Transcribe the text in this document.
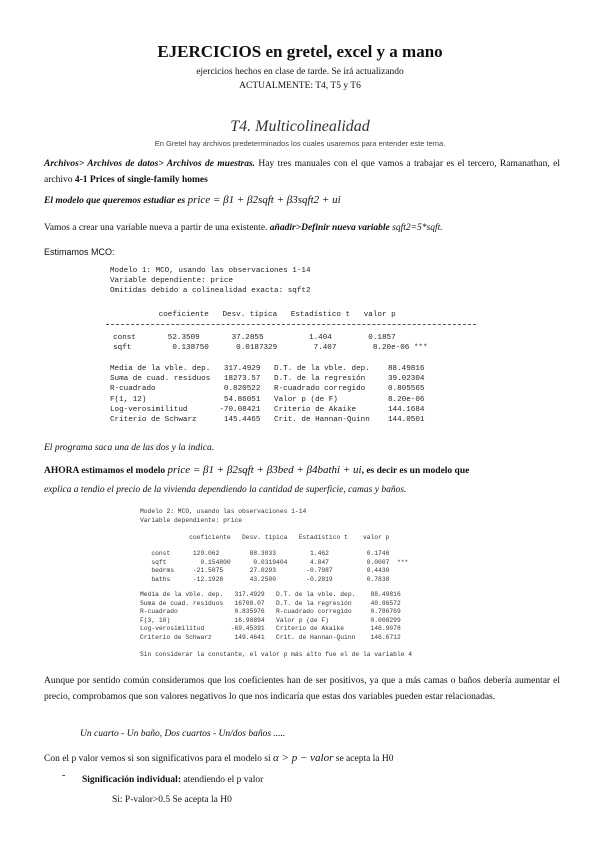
EJERCICIOS en gretel, excel y a mano
ejercicios hechos en clase de tarde. Se irá actualizando
ACTUALMENTE: T4, T5 y T6
T4. Multicolinealidad
En Gretel hay archivos predeterminados los cuales usaremos para entender este tema.
Archivos> Archivos de datos> Archivos de muestras. Hay tres manuales con el que vamos a trabajar es el tercero, Ramanathan, el archivo 4-1 Prices of single-family homes
El modelo que queremos estudiar es price = β1 + β2sqft + β3sqft2 + ui
Vamos a crear una variable nueva a partir de una existente. añadir>Definir nueva variable sqft2=5*sqft.
Estimamos MCO:
Modelo 1: MCO, usando las observaciones 1-14
Variable dependiente: price
Omitidas debido a colinealidad exacta: sqft2
coeficiente   Desv. típica   Estadístico t   valor p
const       52.3509       37.2855          1.404        0.1857
sqft         0.138750      0.0187329        7.407        8.20e-06 ***
Media de la vble. dep.   317.4929   D.T. de la vble. dep.    88.49816
Suma de cuad. residuos   18273.57   D.T. de la regresión     39.02304
R-cuadrado               0.820522   R-cuadrado corregido     0.805565
F(1, 12)                 54.86051   Valor p (de F)           8.20e-06
Log-verosimilitud       -70.08421   Criterio de Akaike       144.1684
Criterio de Schwarz      145.4465   Crit. de Hannan-Quinn    144.0501
El programa saca una de las dos y la indica.
AHORA estimamos el modelo price = β1 + β2sqft + β3bed + β4bathi + ui, es decir es un modelo que
explica a tendio el precio de la vivienda dependiendo la cantidad de superficie, camas y baños.
Modelo 2: MCO, usando las observaciones 1-14
Variable dependiente: price
coeficiente   Desv. típica   Estadístico t    valor p
const      129.062        88.3033         1.462          0.1746
sqft         0.154800      0.0319404      4.847          0.0007  ***
bedrms     -21.5875       27.0293        -0.7987         0.4430
baths      -12.1928       43.2500        -0.2819         0.7838
Media de la vble. dep.   317.4929   D.T. de la vble. dep.    88.49816
Suma de cuad. residuos   16700.07   D.T. de la regresión     40.86572
R-cuadrado               0.835976   R-cuadrado corregido     0.786769
F(3, 10)                 16.98894   Valor p (de F)           0.000299
Log-verosimilitud       -69.45391   Criterio de Akaike       146.9078
Criterio de Schwarz      149.4641   Crit. de Hannan-Quinn    146.6712
Sin considerar la constante, el valor p más alto fue el de la variable 4
Aunque por sentido común consideramos que los coeficientes han de ser positivos, ya que a más camas o baños debería aumentar el precio, comprobamos que son valores negativos lo que nos indicaría que estas dos variables pueden estar relacionadas.
Un cuarto - Un baño, Dos cuartos - Un/dos baños .....
Con el p valor vemos si son significativos para el modelo si α > p − valor se acepta la H0
- Significación individual: atendiendo el p valor
Si: P-valor>0.5 Se acepta la H0
